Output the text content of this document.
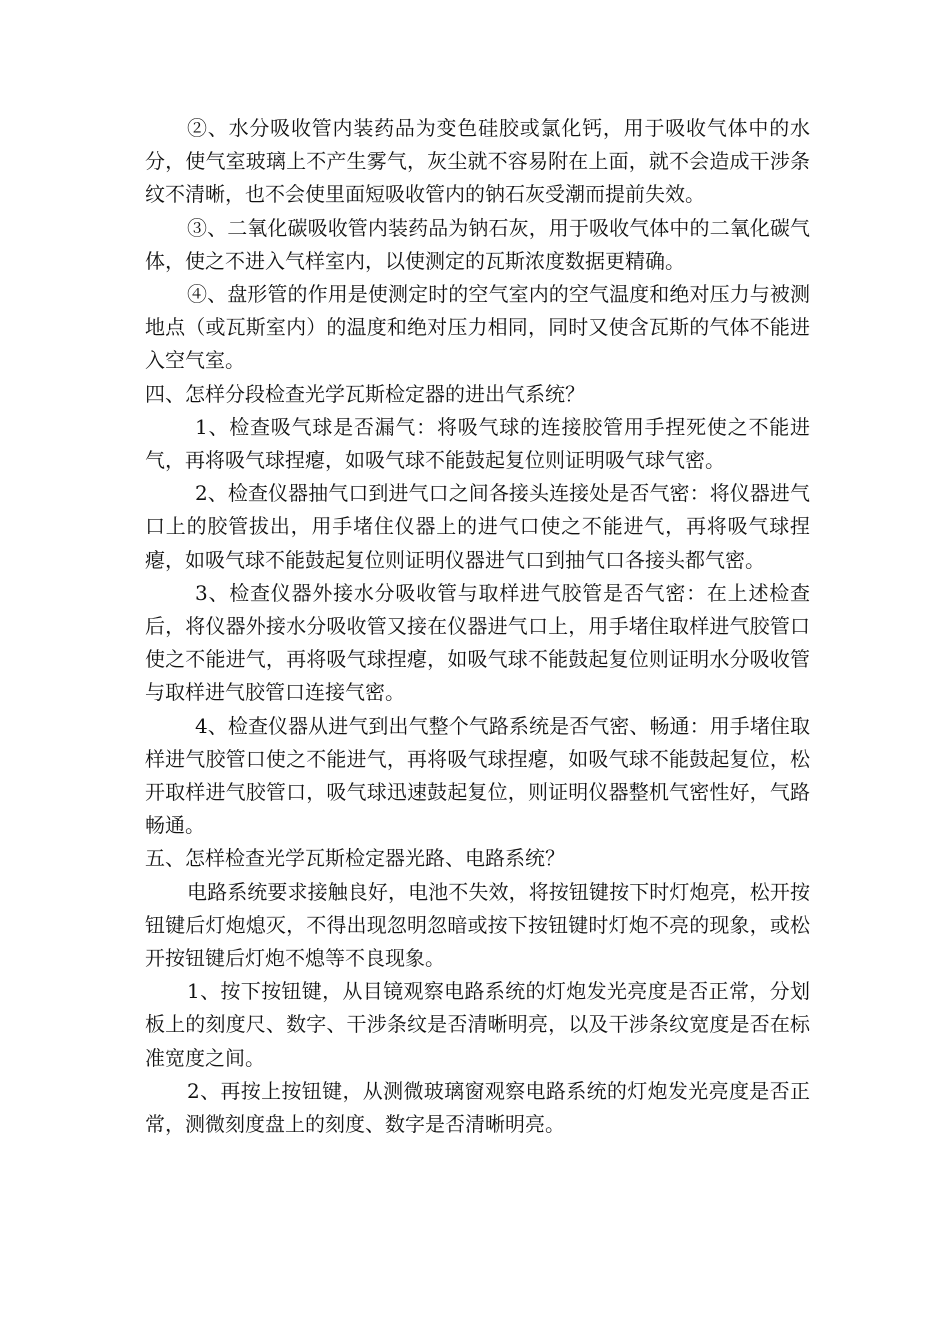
②、水分吸收管内装药品为变色硅胶或氯化钙，用于吸收气体中的水分，使气室玻璃上不产生雾气，灰尘就不容易附在上面，就不会造成干涉条纹不清晰，也不会使里面短吸收管内的钠石灰受潮而提前失效。

③、二氧化碳吸收管内装药品为钠石灰，用于吸收气体中的二氧化碳气体，使之不进入气样室内，以使测定的瓦斯浓度数据更精确。

④、盘形管的作用是使测定时的空气室内的空气温度和绝对压力与被测地点（或瓦斯室内）的温度和绝对压力相同，同时又使含瓦斯的气体不能进入空气室。

四、怎样分段检查光学瓦斯检定器的进出气系统？

1、检查吸气球是否漏气：将吸气球的连接胶管用手捏死使之不能进气，再将吸气球捏瘪，如吸气球不能鼓起复位则证明吸气球气密。

2、检查仪器抽气口到进气口之间各接头连接处是否气密：将仪器进气口上的胶管拔出，用手堵住仪器上的进气口使之不能进气，再将吸气球捏瘪，如吸气球不能鼓起复位则证明仪器进气口到抽气口各接头都气密。

3、检查仪器外接水分吸收管与取样进气胶管是否气密：在上述检查后，将仪器外接水分吸收管又接在仪器进气口上，用手堵住取样进气胶管口使之不能进气，再将吸气球捏瘪，如吸气球不能鼓起复位则证明水分吸收管与取样进气胶管口连接气密。

4、检查仪器从进气到出气整个气路系统是否气密、畅通：用手堵住取样进气胶管口使之不能进气，再将吸气球捏瘪，如吸气球不能鼓起复位，松开取样进气胶管口，吸气球迅速鼓起复位，则证明仪器整机气密性好，气路畅通。

五、怎样检查光学瓦斯检定器光路、电路系统？

电路系统要求接触良好，电池不失效，将按钮键按下时灯炮亮，松开按钮键后灯炮熄灭，不得出现忽明忽暗或按下按钮键时灯炮不亮的现象，或松开按钮键后灯炮不熄等不良现象。

1、按下按钮键，从目镜观察电路系统的灯炮发光亮度是否正常，分划板上的刻度尺、数字、干涉条纹是否清晰明亮，以及干涉条纹宽度是否在标准宽度之间。

2、再按上按钮键，从测微玻璃窗观察电路系统的灯炮发光亮度是否正常，测微刻度盘上的刻度、数字是否清晰明亮。
